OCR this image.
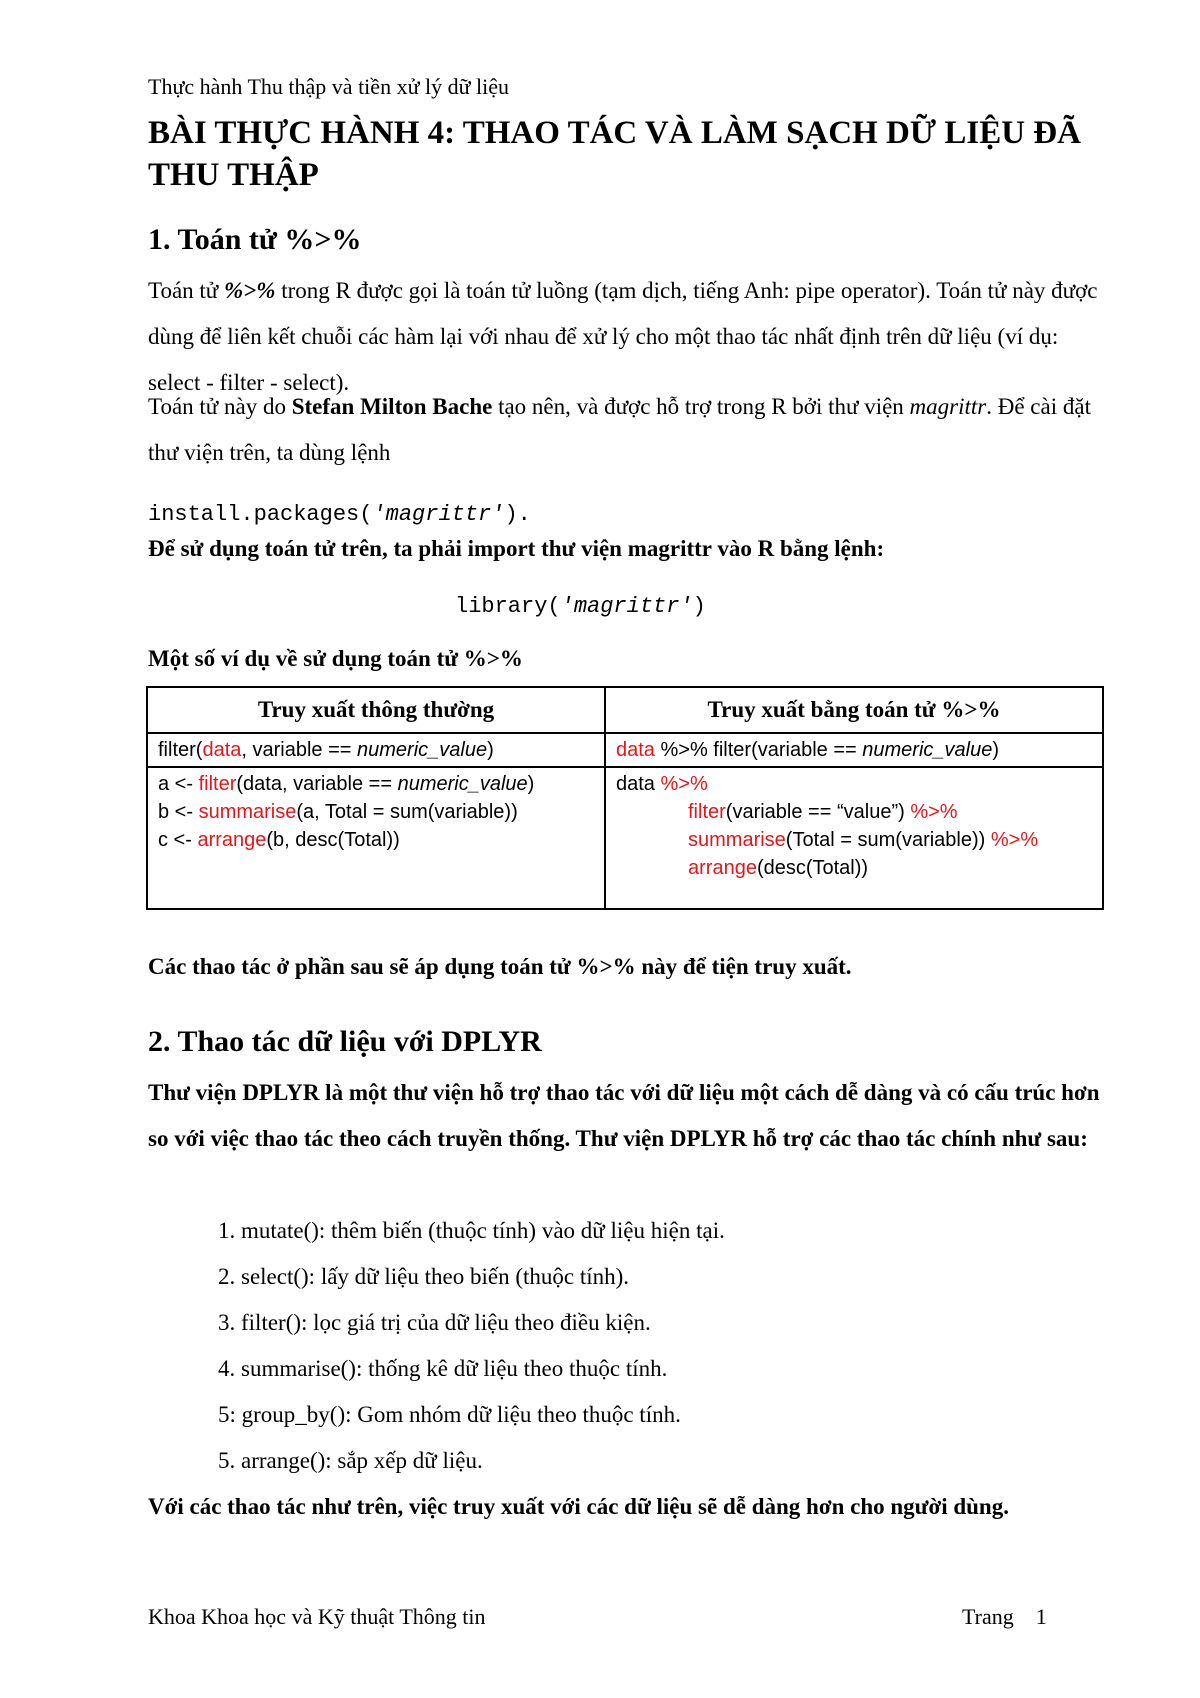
Thực hành Thu thập và tiền xử lý dữ liệu
BÀI THỰC HÀNH 4: THAO TÁC VÀ LÀM SẠCH DỮ LIỆU ĐÃ THU THẬP
1. Toán tử %>%

Toán tử %>% trong R được gọi là toán tử luồng (tạm dịch, tiếng Anh: pipe operator). Toán tử này được dùng để liên kết chuỗi các hàm lại với nhau để xử lý cho một thao tác nhất định trên dữ liệu (ví dụ: select - filter - select).

Toán tử này do Stefan Milton Bache tạo nên, và được hỗ trợ trong R bởi thư viện magrittr. Để cài đặt thư viện trên, ta dùng lệnh

install.packages('magrittr').

Để sử dụng toán tử trên, ta phải import thư viện magrittr vào R bằng lệnh:

library('magrittr')

Một số ví dụ về sử dụng toán tử %>%

Truy xuất thông thường	Truy xuất bằng toán tử %>%

filter(data, variable == numeric_value)	data %>% filter(variable == numeric_value)

a <- filter(data, variable == numeric_value)
b <- summarise(a, Total = sum(variable))
c <- arrange(b, desc(Total))	data %>%
filter(variable == “value”) %>%
summarise(Total = sum(variable)) %>%
arrange(desc(Total))

Các thao tác ở phần sau sẽ áp dụng toán tử %>% này để tiện truy xuất.

2. Thao tác dữ liệu với DPLYR

Thư viện DPLYR là một thư viện hỗ trợ thao tác với dữ liệu một cách dễ dàng và có cấu trúc hơn so với việc thao tác theo cách truyền thống. Thư viện DPLYR hỗ trợ các thao tác chính như sau:

1. mutate(): thêm biến (thuộc tính) vào dữ liệu hiện tại.
2. select(): lấy dữ liệu theo biến (thuộc tính).
3. filter(): lọc giá trị của dữ liệu theo điều kiện.
4. summarise(): thống kê dữ liệu theo thuộc tính.
5: group_by(): Gom nhóm dữ liệu theo thuộc tính.
5. arrange(): sắp xếp dữ liệu.

Với các thao tác như trên, việc truy xuất với các dữ liệu sẽ dễ dàng hơn cho người dùng.

Khoa Khoa học và Kỹ thuật Thông tin	Trang 1
